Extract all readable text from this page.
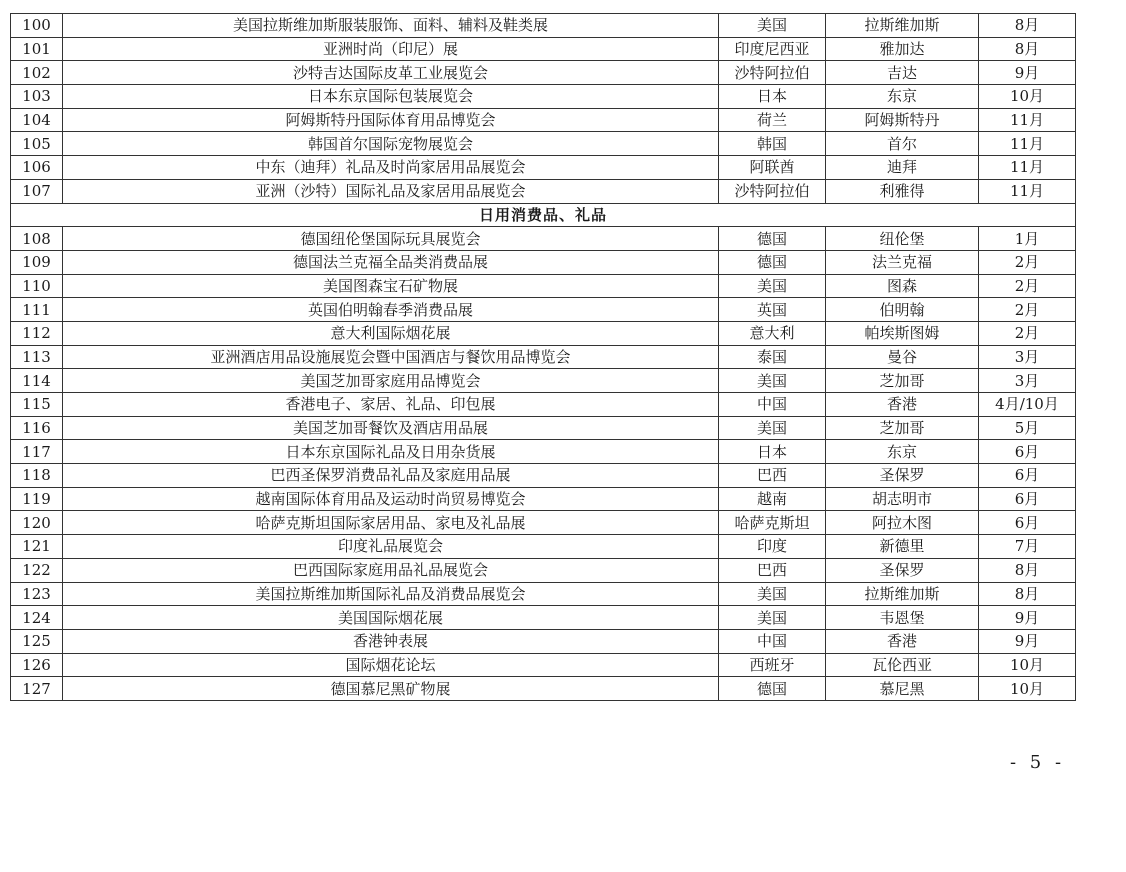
100	美国拉斯维加斯服装服饰、面料、辅料及鞋类展	美国	拉斯维加斯	8月
101	亚洲时尚（印尼）展	印度尼西亚	雅加达	8月
102	沙特吉达国际皮革工业展览会	沙特阿拉伯	吉达	9月
103	日本东京国际包装展览会	日本	东京	10月
104	阿姆斯特丹国际体育用品博览会	荷兰	阿姆斯特丹	11月
105	韩国首尔国际宠物展览会	韩国	首尔	11月
106	中东（迪拜）礼品及时尚家居用品展览会	阿联酋	迪拜	11月
107	亚洲（沙特）国际礼品及家居用品展览会	沙特阿拉伯	利雅得	11月
日用消费品、礼品				
108	德国纽伦堡国际玩具展览会	德国	纽伦堡	1月
109	德国法兰克福全品类消费品展	德国	法兰克福	2月
110	美国图森宝石矿物展	美国	图森	2月
111	英国伯明翰春季消费品展	英国	伯明翰	2月
112	意大利国际烟花展	意大利	帕埃斯图姆	2月
113	亚洲酒店用品设施展览会暨中国酒店与餐饮用品博览会	泰国	曼谷	3月
114	美国芝加哥家庭用品博览会	美国	芝加哥	3月
115	香港电子、家居、礼品、印包展	中国	香港	4月/10月
116	美国芝加哥餐饮及酒店用品展	美国	芝加哥	5月
117	日本东京国际礼品及日用杂货展	日本	东京	6月
118	巴西圣保罗消费品礼品及家庭用品展	巴西	圣保罗	6月
119	越南国际体育用品及运动时尚贸易博览会	越南	胡志明市	6月
120	哈萨克斯坦国际家居用品、家电及礼品展	哈萨克斯坦	阿拉木图	6月
121	印度礼品展览会	印度	新德里	7月
122	巴西国际家庭用品礼品展览会	巴西	圣保罗	8月
123	美国拉斯维加斯国际礼品及消费品展览会	美国	拉斯维加斯	8月
124	美国国际烟花展	美国	韦恩堡	9月
125	香港钟表展	中国	香港	9月
126	国际烟花论坛	西班牙	瓦伦西亚	10月
127	德国慕尼黑矿物展	德国	慕尼黑	10月
- 5 -
